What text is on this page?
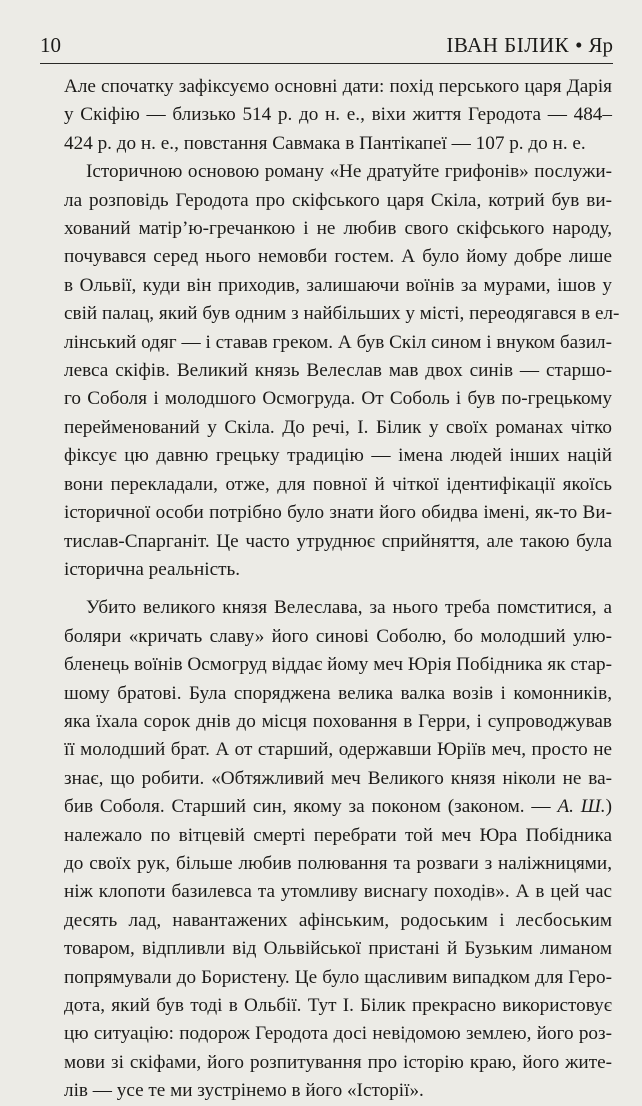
10	ІВАН БІЛИК • Яр

Але спочатку зафіксуємо основні дати: похід перського царя Дарія
у Скіфію — близько 514 р. до н. е., віхи життя Геродота — 484–
424 р. до н. е., повстання Савмака в Пантікапеї — 107 р. до н. е.

Історичною основою роману «Не дратуйте грифонів» послужи-
ла розповідь Геродота про скіфського царя Скіла, котрий був ви-
хований матір’ю-гречанкою і не любив свого скіфського народу,
почувався серед нього немовби гостем. А було йому добре лише
в Ольвії, куди він приходив, залишаючи воїнів за мурами, ішов у
свій палац, який був одним з найбільших у місті, переодягався в ел-
лінський одяг — і ставав греком. А був Скіл сином і внуком базил-
левса скіфів. Великий князь Велеслав мав двох синів — старшо-
го Соболя і молодшого Осмогруда. От Соболь і був по-грецькому
перейменований у Скіла. До речі, І. Білик у своїх романах чітко
фіксує цю давню грецьку традицію — імена людей інших націй
вони перекладали, отже, для повної й чіткої ідентифікації якоїсь
історичної особи потрібно було знати його обидва імені, як-то Ви-
тислав-Спарганіт. Це часто утруднює сприйняття, але такою була
історична реальність.

Убито великого князя Велеслава, за нього треба помститися, а
боляри «кричать славу» його синові Соболю, бо молодший улю-
бленець воїнів Осмогруд віддає йому меч Юрія Побідника як стар-
шому братові. Була споряджена велика валка возів і комонників,
яка їхала сорок днів до місця поховання в Герри, і супроводжував
її молодший брат. А от старший, одержавши Юріїв меч, просто не
знає, що робити. «Обтяжливий меч Великого князя ніколи не ва-
бив Соболя. Старший син, якому за поконом (законом. — А. Ш.)
належало по вітцевій смерті перебрати той меч Юра Побідника
до своїх рук, більше любив полювання та розваги з наліжницями,
ніж клопоти базилевса та утомливу виснагу походів». А в цей час
десять лад, навантажених афінським, родоським і лесбоським
товаром, відпливли від Ольвійської пристані й Бузьким лиманом
попрямували до Бористену. Це було щасливим випадком для Геро-
дота, який був тоді в Ольбії. Тут І. Білик прекрасно використовує
цю ситуацію: подорож Геродота досі невідомою землею, його роз-
мови зі скіфами, його розпитування про історію краю, його жите-
лів — усе те ми зустрінемо в його «Історії».
